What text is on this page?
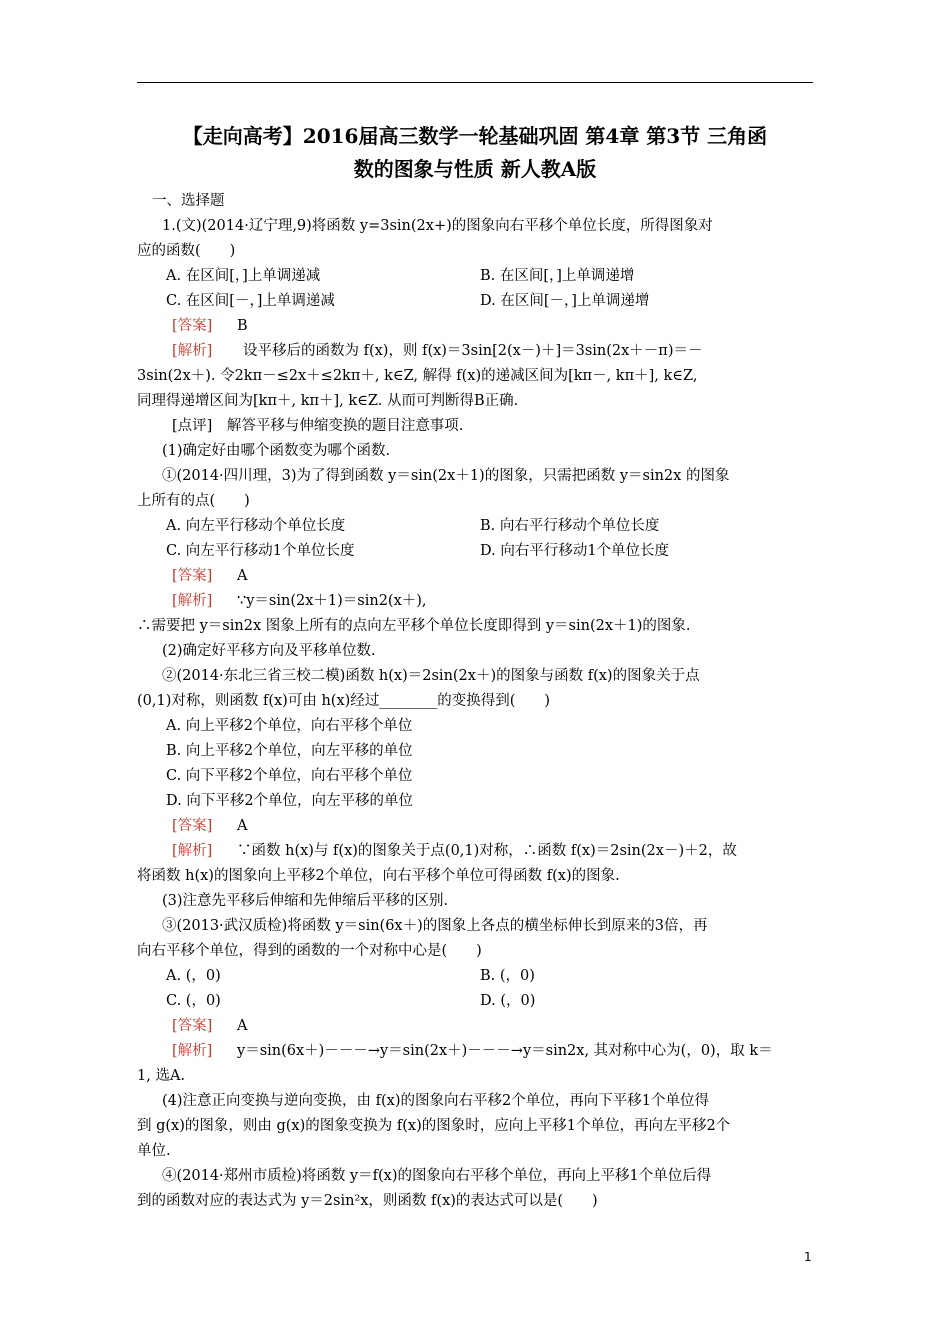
【走向高考】2016届高三数学一轮基础巩固 第4章 第3节 三角函
数的图象与性质 新人教A版
一、选择题
1.(文)(2014·辽宁理,9)将函数 y=3sin(2x+)的图象向右平移个单位长度，所得图象对
应的函数(　　)
A. 在区间[，]上单调递减	B. 在区间[，]上单调递增
C. 在区间[－，]上单调递减	D. 在区间[－，]上单调递增
[答案] B
[解析] 设平移后的函数为 f(x)，则 f(x)＝3sin[2(x－)＋]＝3sin(2x＋－π)＝－
3sin(2x＋). 令2kπ－≤2x＋≤2kπ＋, k∈Z, 解得 f(x)的递减区间为[kπ－, kπ＋], k∈Z,
同理得递增区间为[kπ＋, kπ＋], k∈Z. 从而可判断得B正确.
[点评]　解答平移与伸缩变换的题目注意事项.
(1)确定好由哪个函数变为哪个函数.
①(2014·四川理，3)为了得到函数 y＝sin(2x＋1)的图象，只需把函数 y＝sin2x 的图象
上所有的点(　　)
A. 向左平行移动个单位长度	B. 向右平行移动个单位长度
C. 向左平行移动1个单位长度	D. 向右平行移动1个单位长度
[答案] A
[解析] ∵y＝sin(2x＋1)＝sin2(x＋),
∴需要把 y＝sin2x 图象上所有的点向左平移个单位长度即得到 y＝sin(2x＋1)的图象.
(2)确定好平移方向及平移单位数.
②(2014·东北三省三校二模)函数 h(x)＝2sin(2x＋)的图象与函数 f(x)的图象关于点
(0,1)对称，则函数 f(x)可由 h(x)经过________的变换得到(　　)
A. 向上平移2个单位，向右平移个单位
B. 向上平移2个单位，向左平移的单位
C. 向下平移2个单位，向右平移个单位
D. 向下平移2个单位，向左平移的单位
[答案] A
[解析] ∵函数 h(x)与 f(x)的图象关于点(0,1)对称，∴函数 f(x)＝2sin(2x－)＋2，故
将函数 h(x)的图象向上平移2个单位，向右平移个单位可得函数 f(x)的图象.
(3)注意先平移后伸缩和先伸缩后平移的区别.
③(2013·武汉质检)将函数 y＝sin(6x＋)的图象上各点的横坐标伸长到原来的3倍，再
向右平移个单位，得到的函数的一个对称中心是(　　)
A. (，0)	B. (，0)
C. (，0)	D. (，0)
[答案] A
[解析] y＝sin(6x＋)－－－→y＝sin(2x＋)－－－→y＝sin2x, 其对称中心为(，0)，取 k＝
1, 选A.
(4)注意正向变换与逆向变换，由 f(x)的图象向右平移2个单位，再向下平移1个单位得
到 g(x)的图象，则由 g(x)的图象变换为 f(x)的图象时，应向上平移1个单位，再向左平移2个
单位.
④(2014·郑州市质检)将函数 y＝f(x)的图象向右平移个单位，再向上平移1个单位后得
到的函数对应的表达式为 y＝2sin²x，则函数 f(x)的表达式可以是(　　)
1
